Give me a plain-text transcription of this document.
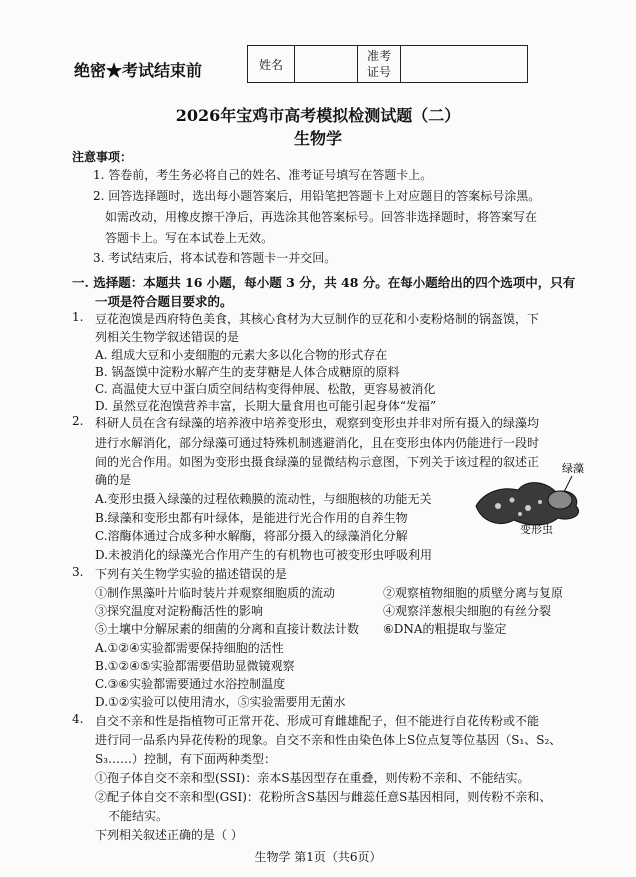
绝密★考试结束前	姓名		准考
证号	
2026年宝鸡市高考模拟检测试题（二）
生物学
注意事项：
1. 答卷前，考生务必将自己的姓名、准考证号填写在答题卡上。
2. 回答选择题时，选出每小题答案后，用铅笔把答题卡上对应题目的答案标号涂黑。
如需改动，用橡皮擦干净后，再选涂其他答案标号。回答非选择题时，将答案写在
答题卡上。写在本试卷上无效。
3. 考试结束后，将本试卷和答题卡一并交回。
一. 选择题：本题共 16 小题，每小题 3 分，共 48 分。在每小题给出的四个选项中，只有
一项是符合题目要求的。
1. 豆花泡馍是西府特色美食，其核心食材为大豆制作的豆花和小麦粉烙制的锅盔馍，下
列相关生物学叙述错误的是
A. 组成大豆和小麦细胞的元素大多以化合物的形式存在
B. 锅盔馍中淀粉水解产生的麦芽糖是人体合成糖原的原料
C. 高温使大豆中蛋白质空间结构变得伸展、松散，更容易被消化
D. 虽然豆花泡馍营养丰富，长期大量食用也可能引起身体“发福”
2. 科研人员在含有绿藻的培养液中培养变形虫，观察到变形虫并非对所有摄入的绿藻均
进行水解消化，部分绿藻可通过特殊机制逃避消化，且在变形虫体内仍能进行一段时
间的光合作用。如图为变形虫摄食绿藻的显微结构示意图，下列关于该过程的叙述正
确的是
A.变形虫摄入绿藻的过程依赖膜的流动性，与细胞核的功能无关
B.绿藻和变形虫都有叶绿体，是能进行光合作用的自养生物
C.溶酶体通过合成多种水解酶，将部分摄入的绿藻消化分解
D.未被消化的绿藻光合作用产生的有机物也可被变形虫呼吸利用
绿藻
变形虫
3. 下列有关生物学实验的描述错误的是
①制作黑藻叶片临时装片并观察细胞质的流动	②观察植物细胞的质壁分离与复原
③探究温度对淀粉酶活性的影响	④观察洋葱根尖细胞的有丝分裂
⑤土壤中分解尿素的细菌的分离和直接计数法计数 ⑥DNA的粗提取与鉴定
A.①②④实验都需要保持细胞的活性
B.①②④⑤实验都需要借助显微镜观察
C.③⑥实验都需要通过水浴控制温度
D.①②实验可以使用清水，⑤实验需要用无菌水
4. 自交不亲和性是指植物可正常开花、形成可育雌雄配子，但不能进行自花传粉或不能
进行同一品系内异花传粉的现象。自交不亲和性由染色体上S位点复等位基因（S₁、S₂、
S₃……）控制，有下面两种类型：
①孢子体自交不亲和型(SSI)：亲本S基因型存在重叠，则传粉不亲和、不能结实。
②配子体自交不亲和型(GSI)：花粉所含S基因与雌蕊任意S基因相同，则传粉不亲和、
不能结实。
下列相关叙述正确的是（ ）
生物学 第1页（共6页）
